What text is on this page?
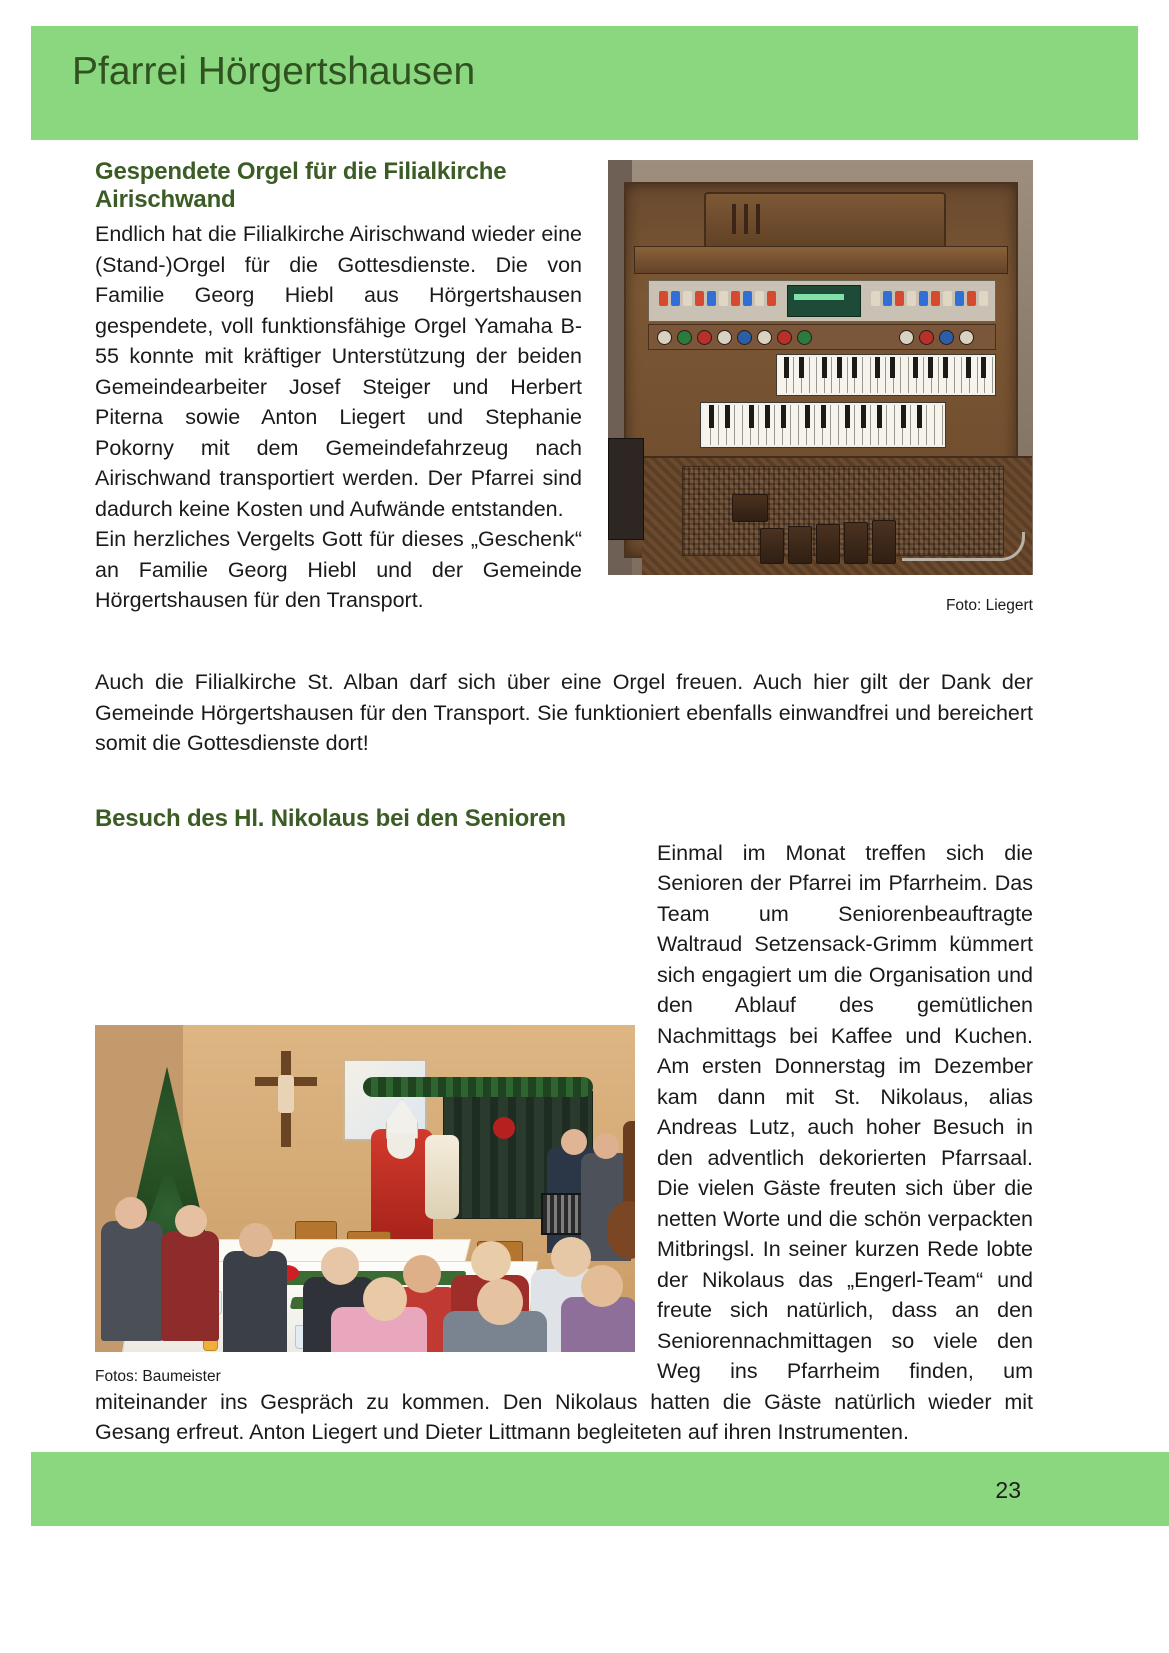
Pfarrei Hörgertshausen
Foto: Liegert
Gespendete Orgel für die Filialkirche Airischwand

Endlich hat die Filialkirche Airischwand wieder eine (Stand-)Orgel für die Gottesdienste. Die von Familie Georg Hiebl aus Hörgertshausen gespendete, voll funktionsfähige Orgel Yamaha B-55 konnte mit kräftiger Unterstützung der beiden Gemeindearbeiter Josef Steiger und Herbert Piterna sowie Anton Liegert und Stephanie Pokorny mit dem Gemeindefahrzeug nach Airischwand transportiert werden. Der Pfarrei sind dadurch keine Kosten und Aufwände entstanden.

Ein herzliches Vergelts Gott für dieses „Geschenk“ an Familie Georg Hiebl und der Gemeinde Hörgertshausen für den Transport.

Auch die Filialkirche St. Alban darf sich über eine Orgel freuen. Auch hier gilt der Dank der Gemeinde Hörgertshausen für den Transport. Sie funktioniert ebenfalls einwandfrei und bereichert somit die Gottesdienste dort!

Besuch des Hl. Nikolaus bei den Senioren
Fotos: Baumeister

Einmal im Monat treffen sich die Senioren der Pfarrei im Pfarrheim. Das Team um Seniorenbeauftragte Waltraud Setzensack-Grimm kümmert sich engagiert um die Organisation und den Ablauf des gemütlichen Nachmittags bei Kaffee und Kuchen. Am ersten Donnerstag im Dezember kam dann mit St. Nikolaus, alias Andreas Lutz, auch hoher Besuch in den adventlich dekorierten Pfarrsaal. Die vielen Gäste freuten sich über die netten Worte und die schön verpackten Mitbringsl. In seiner kurzen Rede lobte der Nikolaus das „Engerl-Team“ und freute sich natürlich, dass an den Seniorennachmittagen so viele den Weg ins Pfarrheim finden, um miteinander ins Gespräch zu kommen. Den Nikolaus hatten die Gäste natürlich wieder mit Gesang erfreut. Anton Liegert und Dieter Littmann begleiteten auf ihren Instrumenten.

23
